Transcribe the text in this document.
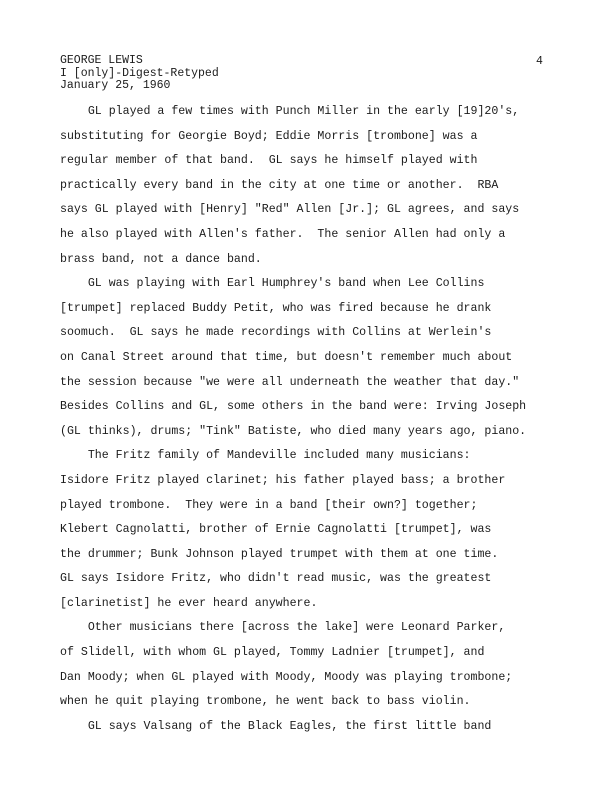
GEORGE LEWIS
I [only]-Digest-Retyped
January 25, 1960
4

GL played a few times with Punch Miller in the early [19]20's,

substituting for Georgie Boyd; Eddie Morris [trombone] was a

regular member of that band.  GL says he himself played with

practically every band in the city at one time or another.  RBA

says GL played with [Henry] "Red" Allen [Jr.]; GL agrees, and says

he also played with Allen's father.  The senior Allen had only a

brass band, not a dance band.

GL was playing with Earl Humphrey's band when Lee Collins

[trumpet] replaced Buddy Petit, who was fired because he drank

soomuch.  GL says he made recordings with Collins at Werlein's

on Canal Street around that time, but doesn't remember much about

the session because "we were all underneath the weather that day."

Besides Collins and GL, some others in the band were: Irving Joseph

(GL thinks), drums; "Tink" Batiste, who died many years ago, piano.

The Fritz family of Mandeville included many musicians:

Isidore Fritz played clarinet; his father played bass; a brother

played trombone.  They were in a band [their own?] together;

Klebert Cagnolatti, brother of Ernie Cagnolatti [trumpet], was

the drummer; Bunk Johnson played trumpet with them at one time.

GL says Isidore Fritz, who didn't read music, was the greatest

[clarinetist] he ever heard anywhere.

Other musicians there [across the lake] were Leonard Parker,

of Slidell, with whom GL played, Tommy Ladnier [trumpet], and

Dan Moody; when GL played with Moody, Moody was playing trombone;

when he quit playing trombone, he went back to bass violin.

GL says Valsang of the Black Eagles, the first little band
